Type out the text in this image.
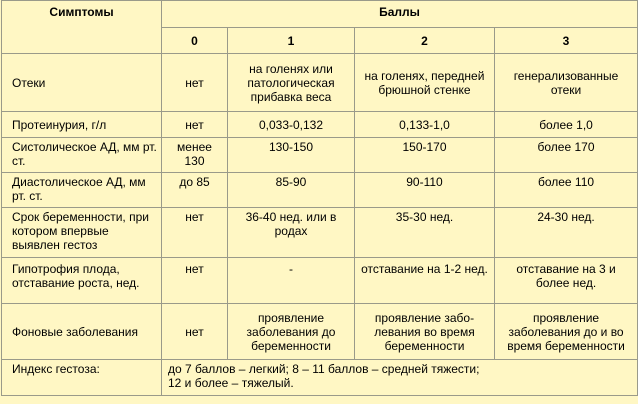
Симптомы	Баллы			
	0	1	2	3
Отеки	нет	на голенях или патологическая прибавка веса	на голенях, передней брюшной стенке	генерализованные отеки
Протеинурия, г/л	нет	0,033-0,132	0,133-1,0	более 1,0
Систолическое АД, мм рт. ст.	менее 130	130-150	150-170	более 170
Диастолическое АД, мм рт. ст.	до 85	85-90	90-110	более 110
Срок беременности, при котором впервые выявлен гестоз	нет	36-40 нед. или в родах	35-30 нед.	24-30 нед.
Гипотрофия плода, отставание роста, нед.	нет	-	отставание на 1-2 нед.	отставание на 3 и более нед.
Фоновые заболевания	нет	проявление заболевания до беременности	проявление забо-левания во время беременности	проявление заболевания до и во время беременности
Индекс гестоза:	до 7 баллов – легкий; 8 – 11 баллов – средней тяжести;
12 и более – тяжелый.			
